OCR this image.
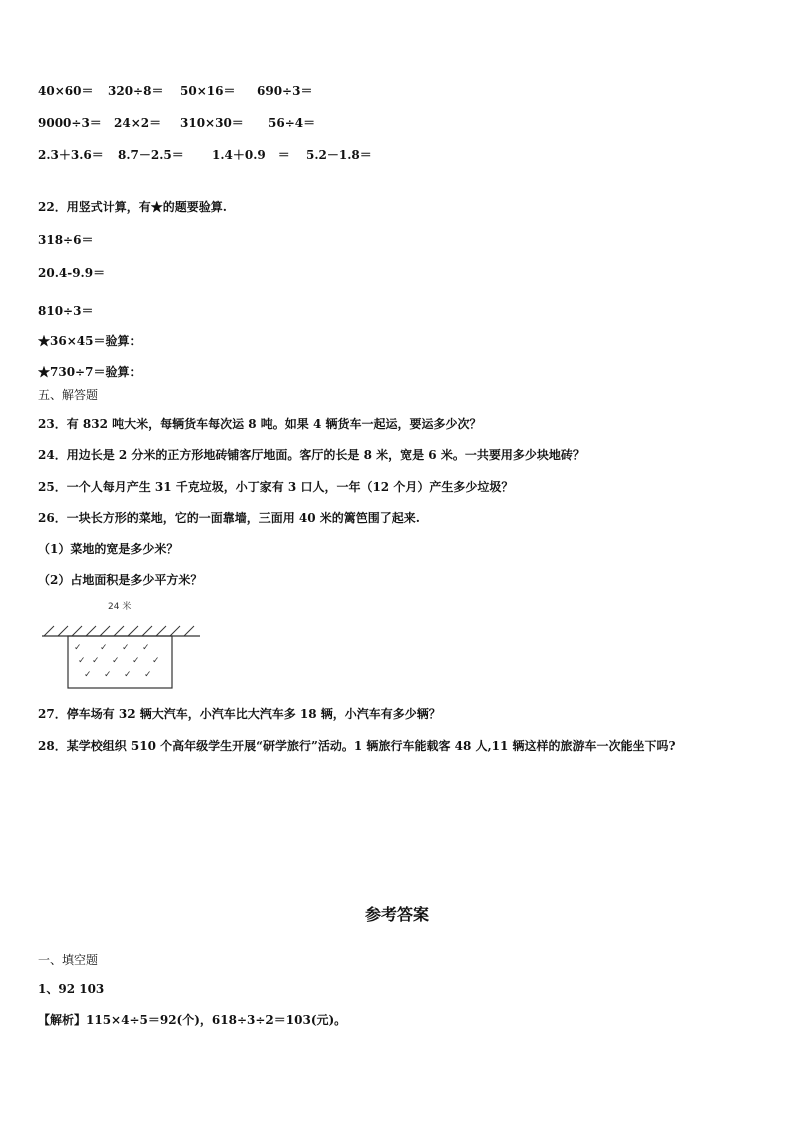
40×60＝ 320÷8＝ 50×16＝ 690÷3＝
9000÷3＝ 24×2＝ 310×30＝ 56÷4＝
2.3＋3.6＝ 8.7－2.5＝ 1.4＋0.9　＝ 5.2－1.8＝
22．用竖式计算，有★的题要验算.
318÷6＝
20.4-9.9＝
810÷3＝
★36×45＝验算：
★730÷7＝验算：
五、解答题
23．有 832 吨大米，每辆货车每次运 8 吨。如果 4 辆货车一起运，要运多少次？
24．用边长是 2 分米的正方形地砖铺客厅地面。客厅的长是 8 米，宽是 6 米。一共要用多少块地砖？
25．一个人每月产生 31 千克垃圾，小丁家有 3 口人，一年（12 个月）产生多少垃圾？
26．一块长方形的菜地，它的一面靠墙，三面用 40 米的篱笆围了起来.
（1）菜地的宽是多少米？
（2）占地面积是多少平方米？
24 米
✓ ✓ ✓ ✓
✓ ✓ ✓ ✓ ✓
✓ ✓ ✓ ✓
27．停车场有 32 辆大汽车，小汽车比大汽车多 18 辆，小汽车有多少辆？
28．某学校组织 510 个高年级学生开展“研学旅行”活动。1 辆旅行车能载客 48 人,11 辆这样的旅游车一次能坐下吗?
参考答案
一、填空题
1、92 103
【解析】115×4÷5＝92(个)，618÷3÷2＝103(元)。
